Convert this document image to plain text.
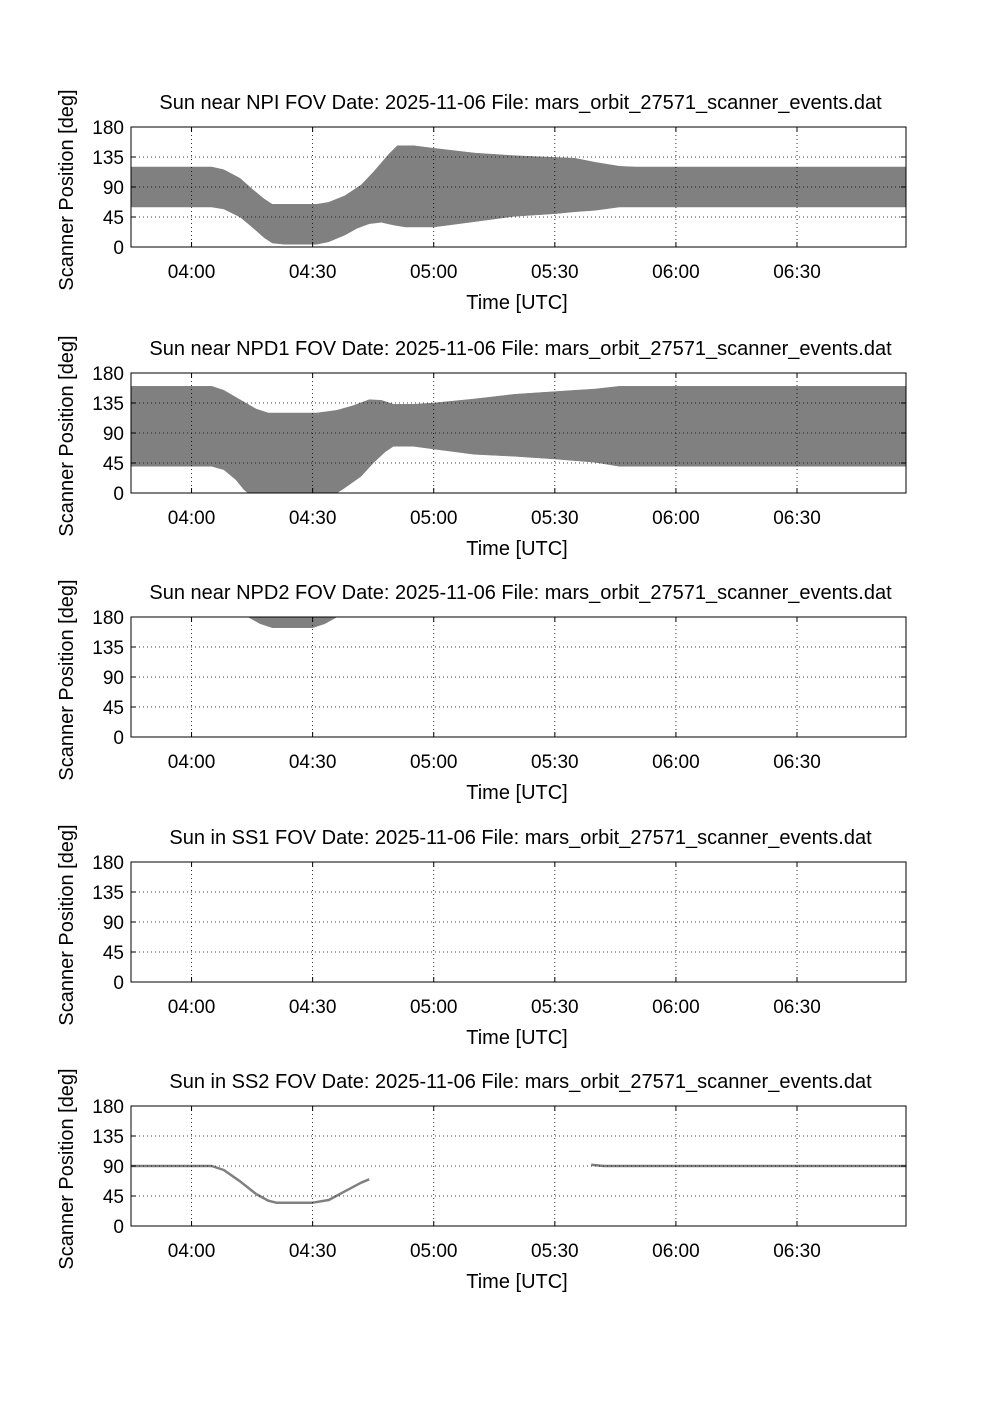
04:00	04:30	05:00	05:30	06:00	06:30
0
45
90
135
180
Sun near NPI FOV Date: 2025-11-06 File: mars_orbit_27571_scanner_events.dat
Time [UTC]
Scanner Position [deg]
04:00	04:30	05:00	05:30	06:00	06:30
0
45
90
135
180
Sun near NPD1 FOV Date: 2025-11-06 File: mars_orbit_27571_scanner_events.dat
Time [UTC]
Scanner Position [deg]
04:00	04:30	05:00	05:30	06:00	06:30
0
45
90
135
180
Sun near NPD2 FOV Date: 2025-11-06 File: mars_orbit_27571_scanner_events.dat
Time [UTC]
Scanner Position [deg]
04:00	04:30	05:00	05:30	06:00	06:30
0
45
90
135
180
Sun in SS1 FOV Date: 2025-11-06 File: mars_orbit_27571_scanner_events.dat
Time [UTC]
Scanner Position [deg]
04:00	04:30	05:00	05:30	06:00	06:30
0
45
90
135
180
Sun in SS2 FOV Date: 2025-11-06 File: mars_orbit_27571_scanner_events.dat
Time [UTC]
Scanner Position [deg]
